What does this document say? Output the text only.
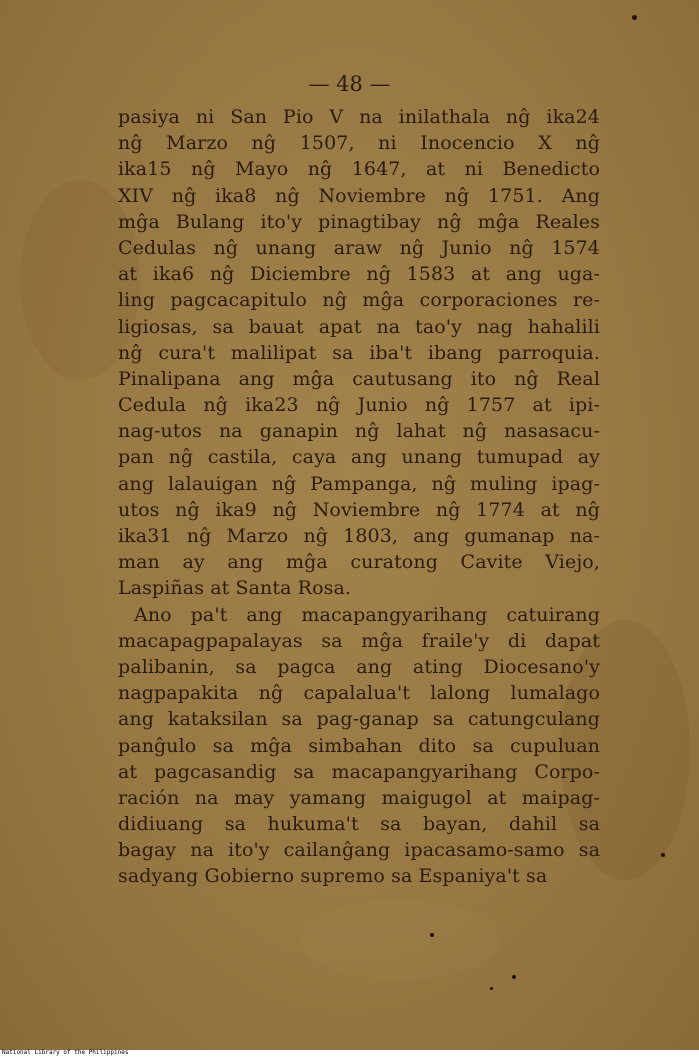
— 48 —
pasiya ni San Pio V na inilathala nĝ ika24
nĝ Marzo nĝ 1507, ni Inocencio X nĝ
ika15 nĝ Mayo nĝ 1647, at ni Benedicto
XIV nĝ ika8 nĝ Noviembre nĝ 1751. Ang
mĝa Bulang ito'y pinagtibay nĝ mĝa Reales
Cedulas nĝ unang araw nĝ Junio nĝ 1574
at ika6 nĝ Diciembre nĝ 1583 at ang uga-
ling pagcacapitulo nĝ mĝa corporaciones re-
ligiosas, sa bauat apat na tao'y nag hahalili
nĝ cura't malilipat sa iba't ibang parroquia.
Pinalipana ang mĝa cautusang ito nĝ Real
Cedula nĝ ika23 nĝ Junio nĝ 1757 at ipi-
nag-utos na ganapin nĝ lahat nĝ nasasacu-
pan nĝ castila, caya ang unang tumupad ay
ang lalauigan nĝ Pampanga, nĝ muling ipag-
utos nĝ ika9 nĝ Noviembre nĝ 1774 at nĝ
ika31 nĝ Marzo nĝ 1803, ang gumanap na-
man ay ang mĝa curatong Cavite Viejo,
Laspiñas at Santa Rosa.
Ano pa't ang macapangyarihang catuirang
macapagpapalayas sa mĝa fraile'y di dapat
palibanin, sa pagca ang ating Diocesano'y
nagpapakita nĝ capalalua't lalong lumalago
ang kataksilan sa pag-ganap sa catungculang
panĝulo sa mĝa simbahan dito sa cupuluan
at pagcasandig sa macapangyarihang Corpo-
ración na may yamang maigugol at maipag-
didiuang sa hukuma't sa bayan, dahil sa
bagay na ito'y cailanĝang ipacasamo-samo sa
sadyang Gobierno supremo sa Espaniya't sa
National Library of the Philippines
